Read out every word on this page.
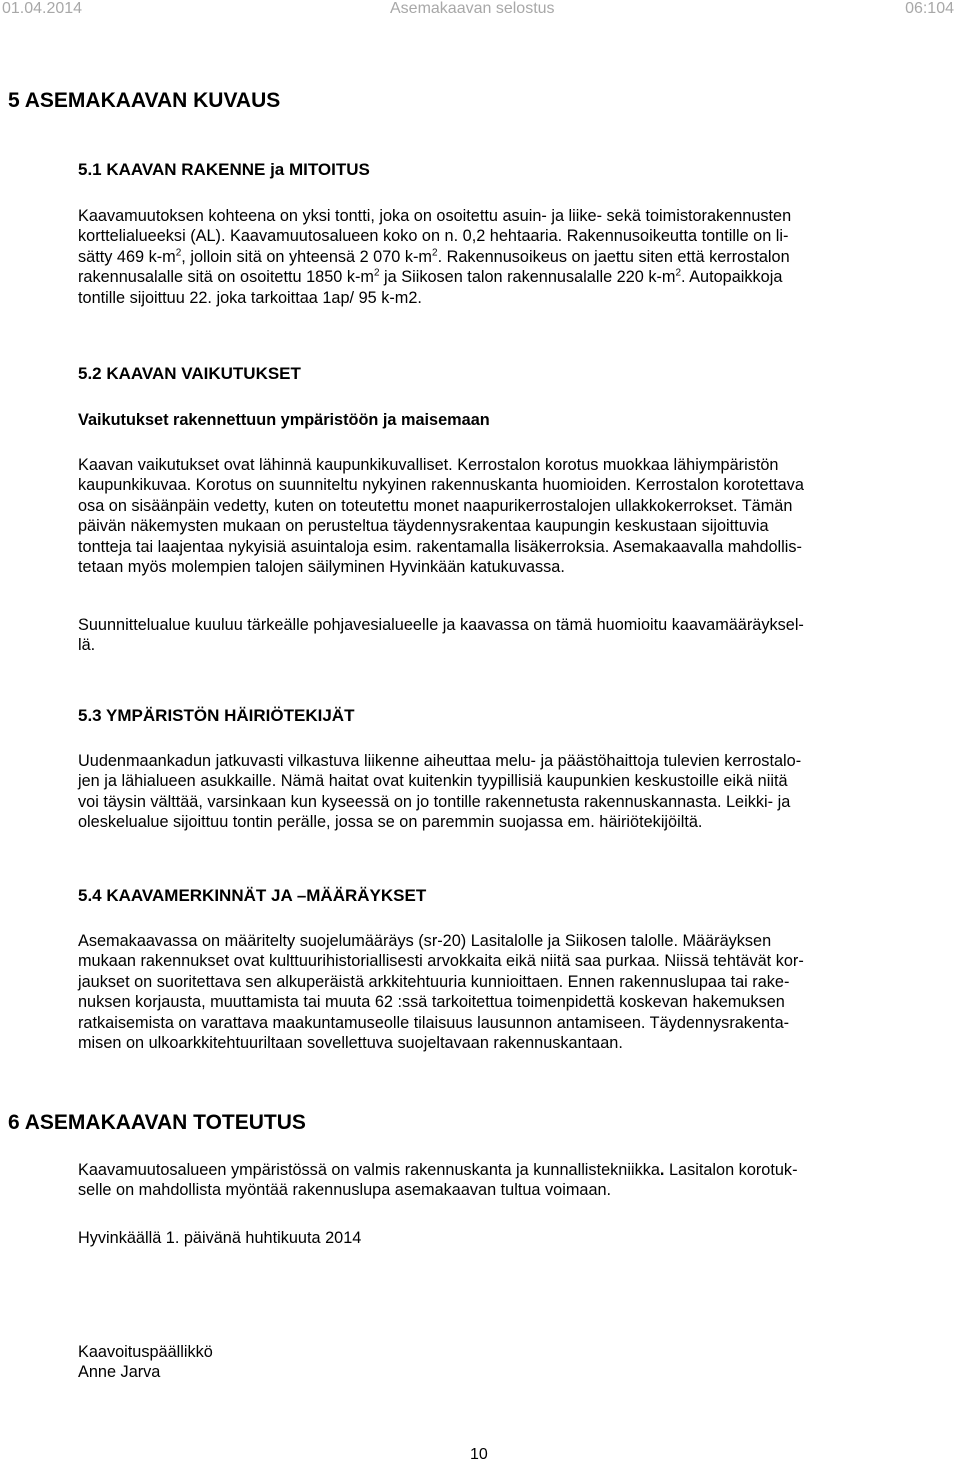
01.04.2014	Asemakaavan selostus	06:104
5 ASEMAKAAVAN KUVAUS
5.1 KAAVAN RAKENNE ja MITOITUS
Kaavamuutoksen kohteena on yksi tontti, joka on osoitettu asuin- ja liike- sekä toimistorakennusten
korttelialueeksi (AL). Kaavamuutosalueen koko on n. 0,2 hehtaaria. Rakennusoikeutta tontille on li-
sätty 469 $k-m^2$, jolloin sitä on yhteensä 2 070 $k-m^2$. Rakennusoikeus on jaettu siten että kerrostalon
rakennusalalle sitä on osoitettu 1850 $k-m^2$ ja Siikosen talon rakennusalalle 220 $k-m^2$. Autopaikkoja
tontille sijoittuu 22. joka tarkoittaa 1ap/ 95 k-m2.
5.2 KAAVAN VAIKUTUKSET
Vaikutukset rakennettuun ympäristöön ja maisemaan
Kaavan vaikutukset ovat lähinnä kaupunkikuvalliset. Kerrostalon korotus muokkaa lähiympäristön
kaupunkikuvaa. Korotus on suunniteltu nykyinen rakennuskanta huomioiden. Kerrostalon korotettava
osa on sisäänpäin vedetty, kuten on toteutettu monet naapurikerrostalojen ullakkokerrokset. Tämän
päivän näkemysten mukaan on perusteltua täydennysrakentaa kaupungin keskustaan sijoittuvia
tontteja tai laajentaa nykyisiä asuintaloja esim. rakentamalla lisäkerroksia. Asemakaavalla mahdollis-
tetaan myös molempien talojen säilyminen Hyvinkään katukuvassa.
Suunnittelualue kuuluu tärkeälle pohjavesialueelle ja kaavassa on tämä huomioitu kaavamääräyksel-
lä.
5.3 YMPÄRISTÖN HÄIRIÖTEKIJÄT
Uudenmaankadun jatkuvasti vilkastuva liikenne aiheuttaa melu- ja päästöhaittoja tulevien kerrostalo-
jen ja lähialueen asukkaille. Nämä haitat ovat kuitenkin tyypillisiä kaupunkien keskustoille eikä niitä
voi täysin välttää, varsinkaan kun kyseessä on jo tontille rakennetusta rakennuskannasta. Leikki- ja
oleskelualue sijoittuu tontin perälle, jossa se on paremmin suojassa em. häiriötekijöiltä.
5.4 KAAVAMERKINNÄT JA –MÄÄRÄYKSET
Asemakaavassa on määritelty suojelumääräys (sr-20) Lasitalolle ja Siikosen talolle. Määräyksen
mukaan rakennukset ovat kulttuurihistoriallisesti arvokkaita eikä niitä saa purkaa. Niissä tehtävät kor-
jaukset on suoritettava sen alkuperäistä arkkitehtuuria kunnioittaen. Ennen rakennuslupaa tai rake-
nuksen korjausta, muuttamista tai muuta 62 :ssä tarkoitettua toimenpidettä koskevan hakemuksen
ratkaisemista on varattava maakuntamuseolle tilaisuus lausunnon antamiseen. Täydennysrakenta-
misen on ulkoarkkitehtuuriltaan sovellettuva suojeltavaan rakennuskantaan.
6 ASEMAKAAVAN TOTEUTUS
Kaavamuutosalueen ympäristössä on valmis rakennuskanta ja kunnallistekniikka. Lasitalon korotuk-
selle on mahdollista myöntää rakennuslupa asemakaavan tultua voimaan.
Hyvinkäällä 1. päivänä huhtikuuta 2014
Kaavoituspäällikkö
Anne Jarva
10
